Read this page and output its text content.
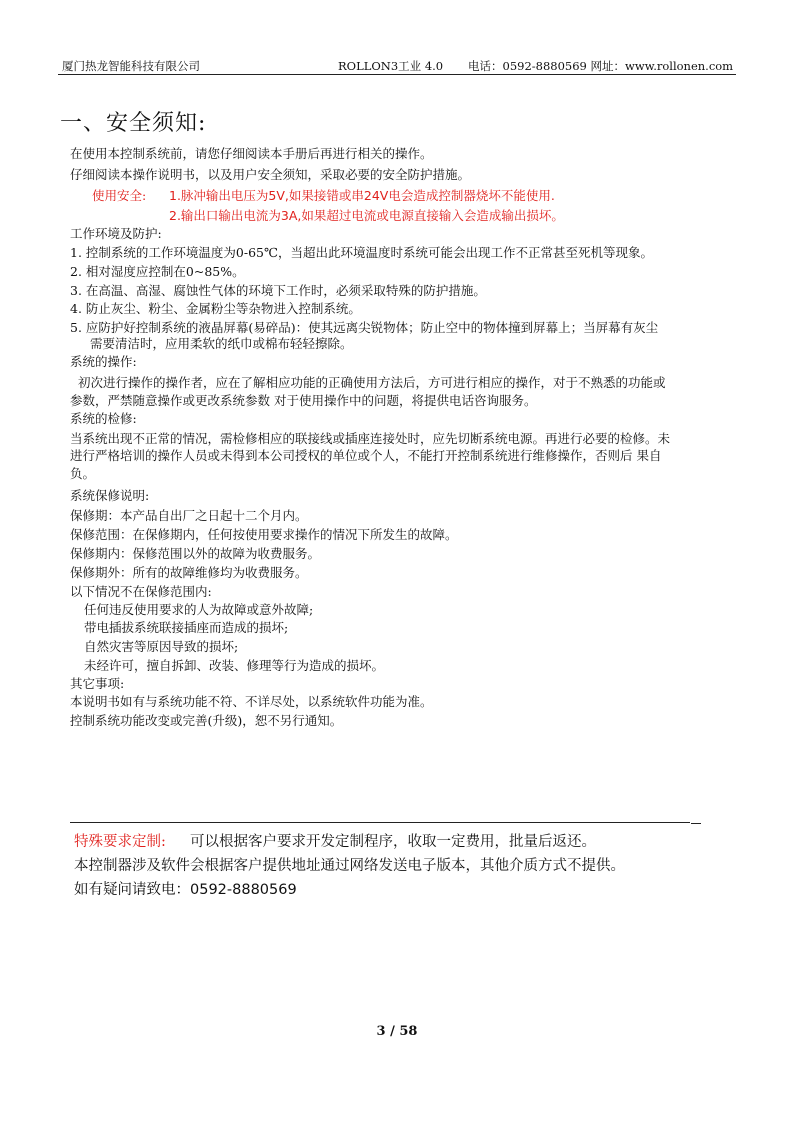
厦门热龙智能科技有限公司	ROLLON3工业 4.0 电话：0592-8880569 网址：www.rollonen.com
一、安全须知:
在使用本控制系统前，请您仔细阅读本手册后再进行相关的操作。
仔细阅读本操作说明书，以及用户安全须知，采取必要的安全防护措施。
使用安全: 1.脉冲输出电压为5V,如果接错或串24V电会造成控制器烧坏不能使用.
2.输出口输出电流为3A,如果超过电流或电源直接输入会造成输出损坏。
工作环境及防护:
1. 控制系统的工作环境温度为0-65℃，当超出此环境温度时系统可能会出现工作不正常甚至死机等现象。
2. 相对湿度应控制在0~85%。
3. 在高温、高湿、腐蚀性气体的环境下工作时，必须采取特殊的防护措施。
4. 防止灰尘、粉尘、金属粉尘等杂物进入控制系统。
5. 应防护好控制系统的液晶屏幕(易碎品)：使其远离尖锐物体；防止空中的物体撞到屏幕上；当屏幕有灰尘
需要清洁时，应用柔软的纸巾或棉布轻轻擦除。
系统的操作:
初次进行操作的操作者，应在了解相应功能的正确使用方法后，方可进行相应的操作，对于不熟悉的功能或
参数，严禁随意操作或更改系统参数 对于使用操作中的问题，将提供电话咨询服务。
系统的检修:
当系统出现不正常的情况，需检修相应的联接线或插座连接处时，应先切断系统电源。再进行必要的检修。未
进行严格培训的操作人员或未得到本公司授权的单位或个人，不能打开控制系统进行维修操作，否则后 果自
负。
系统保修说明:
保修期：本产品自出厂之日起十二个月内。
保修范围：在保修期内，任何按使用要求操作的情况下所发生的故障。
保修期内：保修范围以外的故障为收费服务。
保修期外：所有的故障维修均为收费服务。
以下情况不在保修范围内:
任何违反使用要求的人为故障或意外故障;
带电插拔系统联接插座而造成的损坏;
自然灾害等原因导致的损坏;
未经许可，擅自拆卸、改装、修理等行为造成的损坏。
其它事项:
本说明书如有与系统功能不符、不详尽处，以系统软件功能为准。
控制系统功能改变或完善(升级)，恕不另行通知。
特殊要求定制: 可以根据客户要求开发定制程序，收取一定费用，批量后返还。
本控制器涉及软件会根据客户提供地址通过网络发送电子版本，其他介质方式不提供。
如有疑问请致电：0592-8880569
3 / 58
